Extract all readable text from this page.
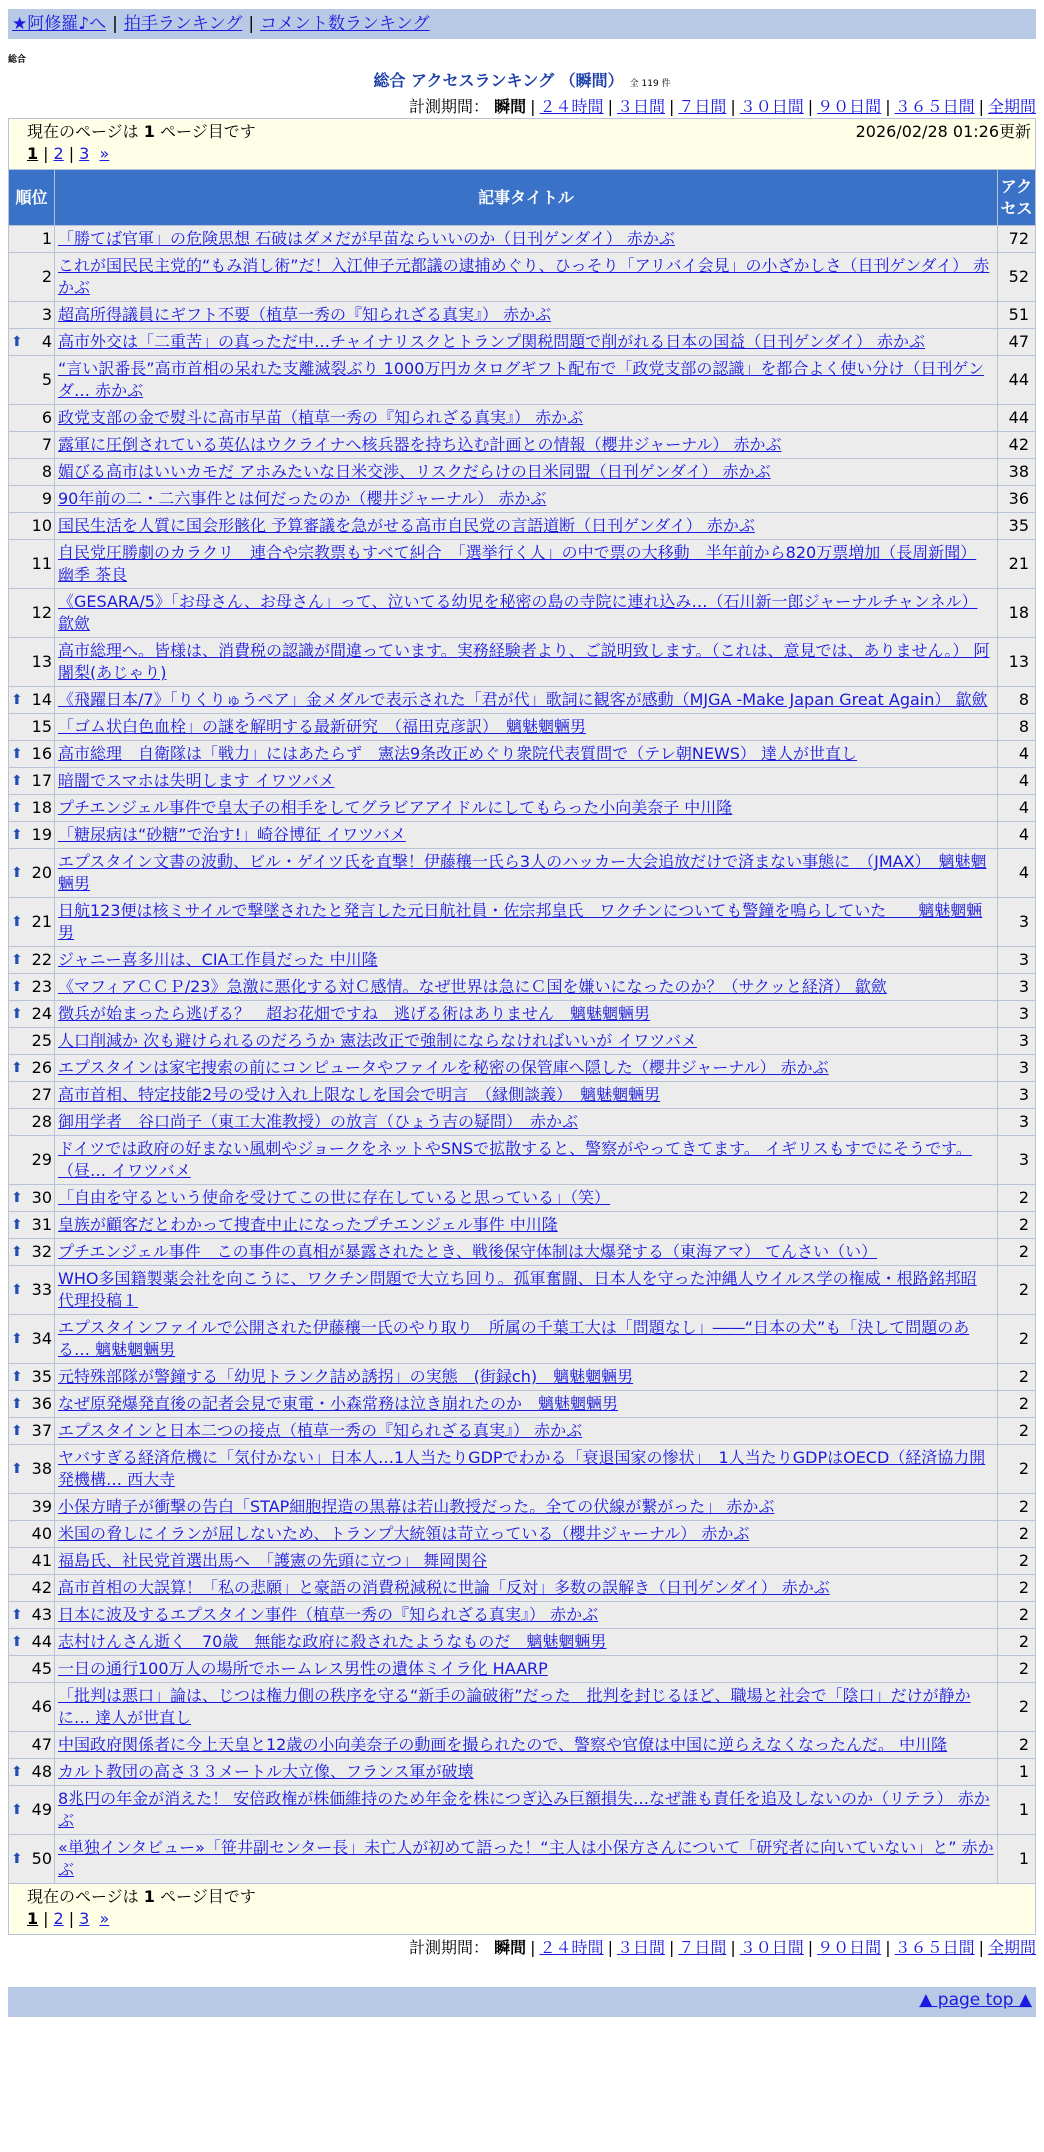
★阿修羅♪へ | 拍手ランキング | コメント数ランキング
総合
総合 アクセスランキング （瞬間） 全 119 件
計測期間： 瞬間 | ２４時間 | ３日間 | ７日間 | ３０日間 | ９０日間 | ３６５日間 | 全期間
2026/02/28 01:26更新
現在のページは 1 ページ目です
1 | 2 | 3 »		
順位	記事タイトル	アクセス
1	「勝てば官軍」の危険思想 石破はダメだが早苗ならいいのか（日刊ゲンダイ） 赤かぶ	72
2	これが国民民主党的“もみ消し術”だ！入江伸子元都議の逮捕めぐり、ひっそり「アリバイ会見」の小ざかしさ（日刊ゲンダイ） 赤かぶ	52
3	超高所得議員にギフト不要（植草一秀の『知られざる真実』） 赤かぶ	51

⬆ 4	高市外交は「二重苦」の真っただ中…チャイナリスクとトランプ関税問題で削がれる日本の国益（日刊ゲンダイ） 赤かぶ	47
5	“言い訳番長”高市首相の呆れた支離滅裂ぶり 1000万円カタログギフト配布で「政党支部の認識」を都合よく使い分け（日刊ゲンダ… 赤かぶ	44
6	政党支部の金で熨斗に高市早苗（植草一秀の『知られざる真実』） 赤かぶ	44
7	露軍に圧倒されている英仏はウクライナへ核兵器を持ち込む計画との情報（櫻井ジャーナル） 赤かぶ	42
8	媚びる高市はいいカモだ アホみたいな日米交渉、リスクだらけの日米同盟（日刊ゲンダイ） 赤かぶ	38
9	90年前の二・二六事件とは何だったのか（櫻井ジャーナル） 赤かぶ	36
10	国民生活を人質に国会形骸化 予算審議を急がせる高市自民党の言語道断（日刊ゲンダイ） 赤かぶ	35
11	自民党圧勝劇のカラクリ　連合や宗教票もすべて糾合　「選挙行く人」の中で票の大移動　半年前から820万票増加（長周新聞） 幽季 茶良	21
12	《GESARA/5》「お母さん、お母さん」って、泣いてる幼児を秘密の島の寺院に連れ込み…（石川新一郎ジャーナルチャンネル） 歙歛	18
13	高市総理へ。皆様は、消費税の認識が間違っています。実務経験者より、ご説明致します。（これは、意見では、ありません。） 阿闍梨(あじゃり)	13

⬆ 14	《飛躍日本/7》「りくりゅうペア」金メダルで表示された「君が代」歌詞に観客が感動（MJGA -Make Japan Great Again） 歙歛	8
15	「ゴム状白色血栓」の謎を解明する最新研究　（福田克彦訳）　魑魅魍魎男	8

⬆ 16	高市総理　自衛隊は「戦力」にはあたらず　憲法9条改正めぐり衆院代表質問で（テレ朝NEWS） 達人が世直し	4

⬆ 17	暗闇でスマホは失明します イワツバメ	4

⬆ 18	プチエンジェル事件で皇太子の相手をしてグラビアアイドルにしてもらった小向美奈子 中川隆	4

⬆ 19	「糖尿病は“砂糖”で治す!」崎谷博征 イワツバメ	4

⬆ 20	エプスタイン文書の波動、ビル・ゲイツ氏を直撃！伊藤穰一氏ら3人のハッカー大会追放だけで済まない事態に　（JMAX）　魑魅魍魎男	4

⬆ 21	日航123便は核ミサイルで撃墜されたと発言した元日航社員・佐宗邦皇氏　ワクチンについても警鐘を鳴らしていた　　魑魅魍魎男	3

⬆ 22	ジャニー喜多川は、CIA工作員だった 中川隆	3

⬆ 23	《マフィアＣＣＰ/23》急激に悪化する対Ｃ感情。なぜ世界は急にＣ国を嫌いになったのか？（サクッと経済） 歙歛	3

⬆ 24	徴兵が始まったら逃げる？　超お花畑ですね　逃げる術はありません　魑魅魍魎男	3
25	人口削減か 次も避けられるのだろうか 憲法改正で強制にならなければいいが イワツバメ	3

⬆ 26	エプスタインは家宅捜索の前にコンピュータやファイルを秘密の保管庫へ隠した（櫻井ジャーナル） 赤かぶ	3
27	高市首相、特定技能2号の受け入れ上限なしを国会で明言　（縁側談義）　魑魅魍魎男	3
28	御用学者　谷口尚子（東工大准教授）の放言（ひょう吉の疑問）　赤かぶ	3
29	ドイツでは政府の好まない風刺やジョークをネットやSNSで拡散すると、警察がやってきてます。 イギリスもすでにそうです。（昼… イワツバメ	3

⬆ 30	「自由を守るという使命を受けてこの世に存在していると思っている」（笑）	2

⬆ 31	皇族が顧客だとわかって捜査中止になったプチエンジェル事件 中川隆	2

⬆ 32	プチエンジェル事件　この事件の真相が暴露されたとき、戦後保守体制は大爆発する（東海アマ） てんさい（い）	2

⬆ 33	WHO多国籍製薬会社を向こうに、ワクチン問題で大立ち回り。孤軍奮闘、日本人を守った沖縄人ウイルス学の権威・根路銘邦昭 代理投稿１	2

⬆ 34	エプスタインファイルで公開された伊藤穰一氏のやり取り　所属の千葉工大は「問題なし」――“日本の犬”も「決して問題のある… 魑魅魍魎男	2

⬆ 35	元特殊部隊が警鐘する「幼児トランク詰め誘拐」の実態　(街録ch)　魑魅魍魎男	2

⬆ 36	なぜ原発爆発直後の記者会見で東電・小森常務は泣き崩れたのか　魑魅魍魎男	2

⬆ 37	エプスタインと日本二つの接点（植草一秀の『知られざる真実』） 赤かぶ	2

⬆ 38	ヤバすぎる経済危機に「気付かない」日本人…1人当たりGDPでわかる「衰退国家の惨状」　1人当たりGDPはOECD（経済協力開発機構… 西大寺	2
39	小保方晴子が衝撃の告白「STAP細胞捏造の黒幕は若山教授だった。全ての伏線が繋がった」 赤かぶ	2
40	米国の脅しにイランが屈しないため、トランプ大統領は苛立っている（櫻井ジャーナル） 赤かぶ	2
41	福島氏、社民党首選出馬へ　「護憲の先頭に立つ」 舞岡関谷	2
42	高市首相の大誤算！「私の悲願」と豪語の消費税減税に世論「反対」多数の誤解き（日刊ゲンダイ） 赤かぶ	2

⬆ 43	日本に波及するエプスタイン事件（植草一秀の『知られざる真実』） 赤かぶ	2

⬆ 44	志村けんさん逝く　70歳　無能な政府に殺されたようなものだ　魑魅魍魎男	2
45	一日の通行100万人の場所でホームレス男性の遺体ミイラ化 HAARP	2
46	「批判は悪口」論は、じつは権力側の秩序を守る“新手の論破術”だった　批判を封じるほど、職場と社会で「陰口」だけが静かに… 達人が世直し	2
47	中国政府関係者に今上天皇と12歳の小向美奈子の動画を撮られたので、警察や官僚は中国に逆らえなくなったんだ。 中川隆	2

⬆ 48	カルト教団の高さ３３メートル大立像、フランス軍が破壊	1

⬆ 49	8兆円の年金が消えた！ 安倍政権が株価維持のため年金を株につぎ込み巨額損失…なぜ誰も責任を追及しないのか（リテラ） 赤かぶ	1

⬆ 50	«単独インタビュー»「笹井副センター長」未亡人が初めて語った！“主人は小保方さんについて「研究者に向いていない」と” 赤かぶ	1
現在のページは 1 ページ目です
1 | 2 | 3 »		
計測期間： 瞬間 | ２４時間 | ３日間 | ７日間 | ３０日間 | ９０日間 | ３６５日間 | 全期間
▲ page top ▲
